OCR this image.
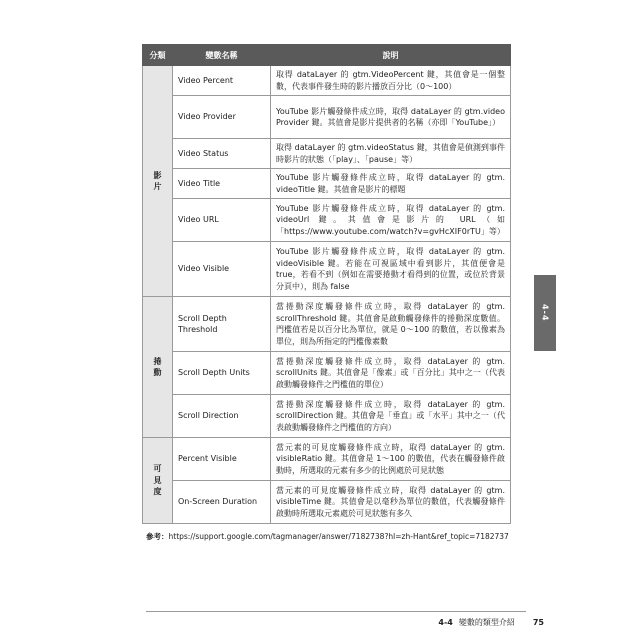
分類	變數名稱	說明

影
片	Video Percent	取得 dataLayer 的 gtm.VideoPercent 鍵，其值會是一個整數，代表事件發生時的影片播放百分比（0～100）
	Video Provider	YouTube 影片觸發條件成立時，取得 dataLayer 的 gtm.video Provider 鍵。其值會是影片提供者的名稱（亦即「YouTube」）
	Video Status	取得 dataLayer 的 gtm.videoStatus 鍵，其值會是偵測到事件時影片的狀態（「play」、「pause」等）
	Video Title	YouTube 影片觸發條件成立時，取得 dataLayer 的 gtm. videoTitle 鍵。其值會是影片的標題
	Video URL	YouTube 影片觸發條件成立時，取得 dataLayer 的 gtm. videoUrl 鍵。其值會是影片的 URL（如「https://www.youtube.com/watch?v=gvHcXIF0rTU」等）
	Video Visible	YouTube 影片觸發條件成立時，取得 dataLayer 的 gtm. videoVisible 鍵。若能在可視區域中看到影片，其值便會是 true，若看不到（例如在需要捲動才看得到的位置，或位於背景分頁中），則為 false

捲
動	Scroll Depth Threshold	當捲動深度觸發條件成立時，取得 dataLayer 的 gtm. scrollThreshold 鍵。其值會是啟動觸發條件的捲動深度數值。門檻值若是以百分比為單位，就是 0～100 的數值，若以像素為單位，則為所指定的門檻像素數
	Scroll Depth Units	當捲動深度觸發條件成立時，取得 dataLayer 的 gtm. scrollUnits 鍵。其值會是「像素」或「百分比」其中之一（代表啟動觸發條件之門檻值的單位）
	Scroll Direction	當捲動深度觸發條件成立時，取得 dataLayer 的 gtm. scrollDirection 鍵。其值會是「垂直」或「水平」其中之一（代表啟動觸發條件之門檻值的方向）

可
見
度	Percent Visible	當元素的可見度觸發條件成立時，取得 dataLayer 的 gtm. visibleRatio 鍵。其值會是 1～100 的數值，代表在觸發條件啟動時，所選取的元素有多少的比例處於可見狀態
	On-Screen Duration	當元素的可見度觸發條件成立時，取得 dataLayer 的 gtm. visibleTime 鍵。其值會是以毫秒為單位的數值，代表觸發條件啟動時所選取元素處於可見狀態有多久
參考：https://support.google.com/tagmanager/answer/7182738?hl=zh-Hant&ref_topic=7182737
4-4
4-4 變數的類型介紹 75
